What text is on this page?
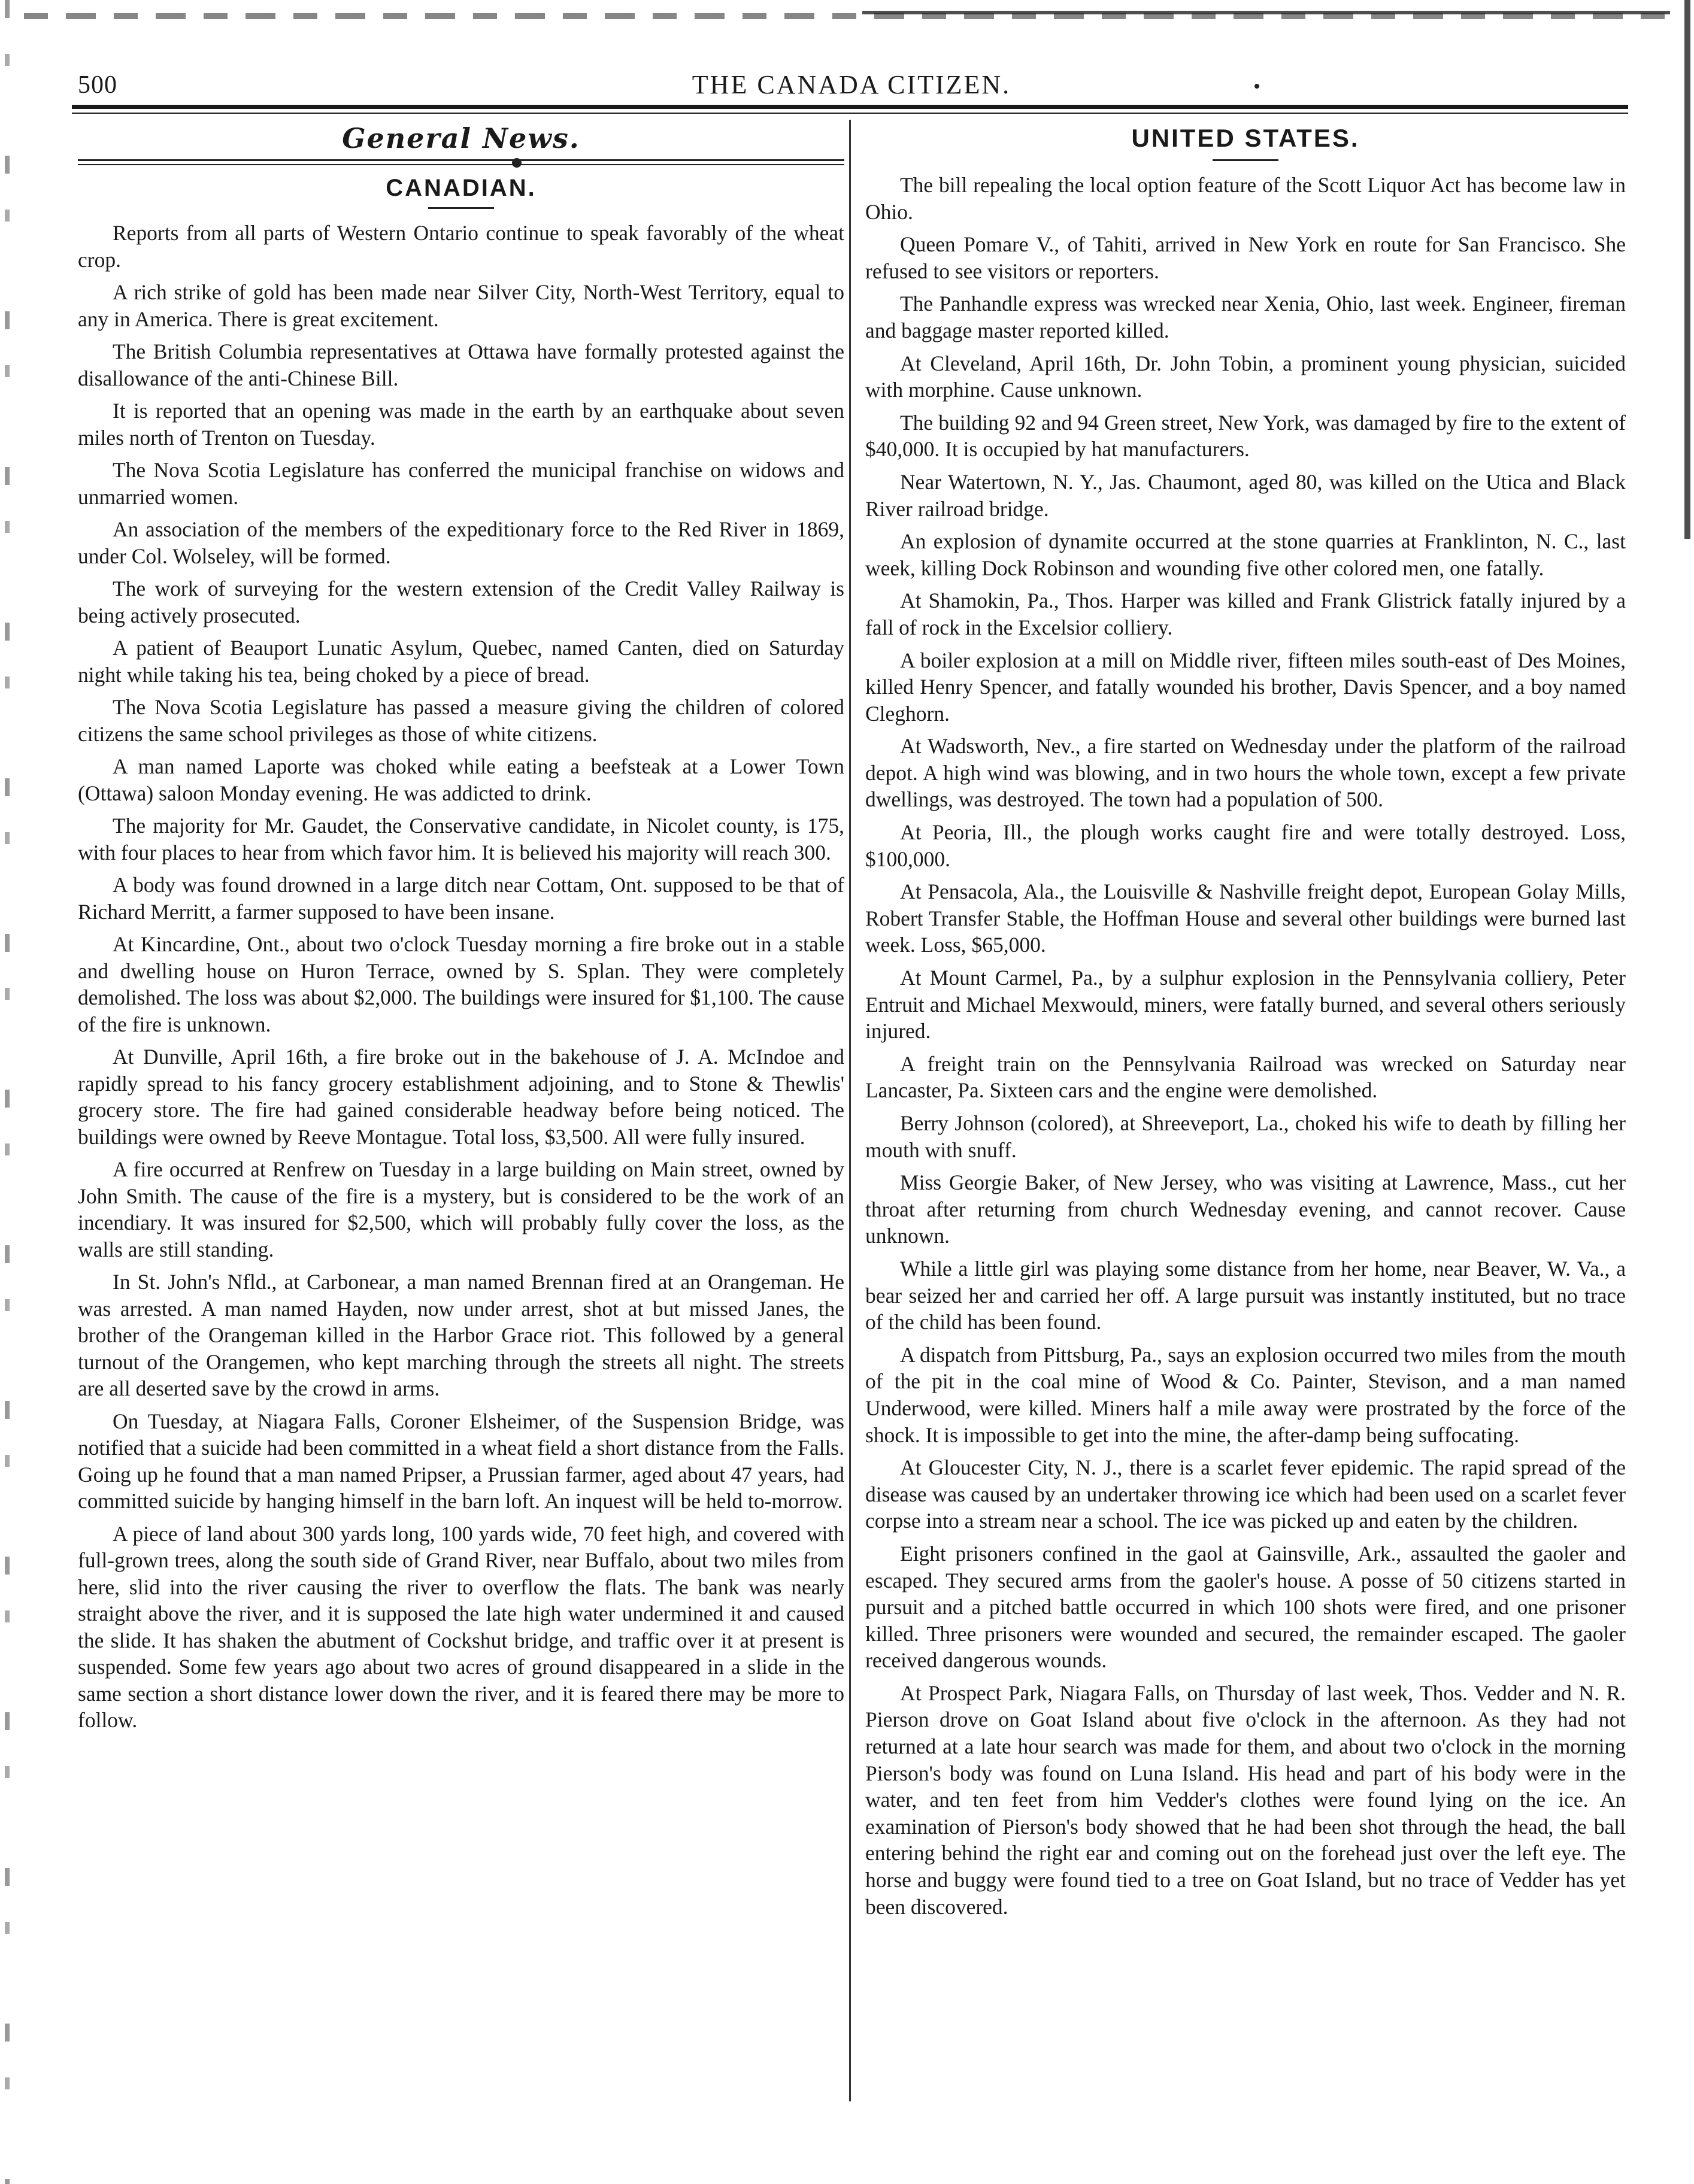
500	THE CANADA CITIZEN.
General News.
CANADIAN.

Reports from all parts of Western Ontario continue to speak favorably of the wheat crop.

A rich strike of gold has been made near Silver City, North-West Territory, equal to any in America. There is great excitement.

The British Columbia representatives at Ottawa have formally protested against the disallowance of the anti-Chinese Bill.

It is reported that an opening was made in the earth by an earthquake about seven miles north of Trenton on Tuesday.

The Nova Scotia Legislature has conferred the municipal franchise on widows and unmarried women.

An association of the members of the expeditionary force to the Red River in 1869, under Col. Wolseley, will be formed.

The work of surveying for the western extension of the Credit Valley Railway is being actively prosecuted.

A patient of Beauport Lunatic Asylum, Quebec, named Canten, died on Saturday night while taking his tea, being choked by a piece of bread.

The Nova Scotia Legislature has passed a measure giving the children of colored citizens the same school privileges as those of white citizens.

A man named Laporte was choked while eating a beefsteak at a Lower Town (Ottawa) saloon Monday evening. He was addicted to drink.

The majority for Mr. Gaudet, the Conservative candidate, in Nicolet county, is 175, with four places to hear from which favor him. It is believed his majority will reach 300.

A body was found drowned in a large ditch near Cottam, Ont. supposed to be that of Richard Merritt, a farmer supposed to have been insane.

At Kincardine, Ont., about two o'clock Tuesday morning a fire broke out in a stable and dwelling house on Huron Terrace, owned by S. Splan. They were completely demolished. The loss was about $2,000. The buildings were insured for $1,100. The cause of the fire is unknown.

At Dunville, April 16th, a fire broke out in the bakehouse of J. A. McIndoe and rapidly spread to his fancy grocery establishment adjoining, and to Stone & Thewlis' grocery store. The fire had gained considerable headway before being noticed. The buildings were owned by Reeve Montague. Total loss, $3,500. All were fully insured.

A fire occurred at Renfrew on Tuesday in a large building on Main street, owned by John Smith. The cause of the fire is a mystery, but is considered to be the work of an incendiary. It was insured for $2,500, which will probably fully cover the loss, as the walls are still standing.

In St. John's Nfld., at Carbonear, a man named Brennan fired at an Orangeman. He was arrested. A man named Hayden, now under arrest, shot at but missed Janes, the brother of the Orangeman killed in the Harbor Grace riot. This followed by a general turnout of the Orangemen, who kept marching through the streets all night. The streets are all deserted save by the crowd in arms.

On Tuesday, at Niagara Falls, Coroner Elsheimer, of the Suspension Bridge, was notified that a suicide had been committed in a wheat field a short distance from the Falls. Going up he found that a man named Pripser, a Prussian farmer, aged about 47 years, had committed suicide by hanging himself in the barn loft. An inquest will be held to-morrow.

A piece of land about 300 yards long, 100 yards wide, 70 feet high, and covered with full-grown trees, along the south side of Grand River, near Buffalo, about two miles from here, slid into the river causing the river to overflow the flats. The bank was nearly straight above the river, and it is supposed the late high water undermined it and caused the slide. It has shaken the abutment of Cockshut bridge, and traffic over it at present is suspended. Some few years ago about two acres of ground disappeared in a slide in the same section a short distance lower down the river, and it is feared there may be more to follow.

UNITED STATES.

The bill repealing the local option feature of the Scott Liquor Act has become law in Ohio.

Queen Pomare V., of Tahiti, arrived in New York en route for San Francisco. She refused to see visitors or reporters.

The Panhandle express was wrecked near Xenia, Ohio, last week. Engineer, fireman and baggage master reported killed.

At Cleveland, April 16th, Dr. John Tobin, a prominent young physician, suicided with morphine. Cause unknown.

The building 92 and 94 Green street, New York, was damaged by fire to the extent of $40,000. It is occupied by hat manufacturers.

Near Watertown, N. Y., Jas. Chaumont, aged 80, was killed on the Utica and Black River railroad bridge.

An explosion of dynamite occurred at the stone quarries at Franklinton, N. C., last week, killing Dock Robinson and wounding five other colored men, one fatally.

At Shamokin, Pa., Thos. Harper was killed and Frank Glistrick fatally injured by a fall of rock in the Excelsior colliery.

A boiler explosion at a mill on Middle river, fifteen miles south-east of Des Moines, killed Henry Spencer, and fatally wounded his brother, Davis Spencer, and a boy named Cleghorn.

At Wadsworth, Nev., a fire started on Wednesday under the platform of the railroad depot. A high wind was blowing, and in two hours the whole town, except a few private dwellings, was destroyed. The town had a population of 500.

At Peoria, Ill., the plough works caught fire and were totally destroyed. Loss, $100,000.

At Pensacola, Ala., the Louisville & Nashville freight depot, European Golay Mills, Robert Transfer Stable, the Hoffman House and several other buildings were burned last week. Loss, $65,000.

At Mount Carmel, Pa., by a sulphur explosion in the Pennsylvania colliery, Peter Entruit and Michael Mexwould, miners, were fatally burned, and several others seriously injured.

A freight train on the Pennsylvania Railroad was wrecked on Saturday near Lancaster, Pa. Sixteen cars and the engine were demolished.

Berry Johnson (colored), at Shreeveport, La., choked his wife to death by filling her mouth with snuff.

Miss Georgie Baker, of New Jersey, who was visiting at Lawrence, Mass., cut her throat after returning from church Wednesday evening, and cannot recover. Cause unknown.

While a little girl was playing some distance from her home, near Beaver, W. Va., a bear seized her and carried her off. A large pursuit was instantly instituted, but no trace of the child has been found.

A dispatch from Pittsburg, Pa., says an explosion occurred two miles from the mouth of the pit in the coal mine of Wood & Co. Painter, Stevison, and a man named Underwood, were killed. Miners half a mile away were prostrated by the force of the shock. It is impossible to get into the mine, the after-damp being suffocating.

At Gloucester City, N. J., there is a scarlet fever epidemic. The rapid spread of the disease was caused by an undertaker throwing ice which had been used on a scarlet fever corpse into a stream near a school. The ice was picked up and eaten by the children.

Eight prisoners confined in the gaol at Gainsville, Ark., assaulted the gaoler and escaped. They secured arms from the gaoler's house. A posse of 50 citizens started in pursuit and a pitched battle occurred in which 100 shots were fired, and one prisoner killed. Three prisoners were wounded and secured, the remainder escaped. The gaoler received dangerous wounds.

At Prospect Park, Niagara Falls, on Thursday of last week, Thos. Vedder and N. R. Pierson drove on Goat Island about five o'clock in the afternoon. As they had not returned at a late hour search was made for them, and about two o'clock in the morning Pierson's body was found on Luna Island. His head and part of his body were in the water, and ten feet from him Vedder's clothes were found lying on the ice. An examination of Pierson's body showed that he had been shot through the head, the ball entering behind the right ear and coming out on the forehead just over the left eye. The horse and buggy were found tied to a tree on Goat Island, but no trace of Vedder has yet been discovered.
